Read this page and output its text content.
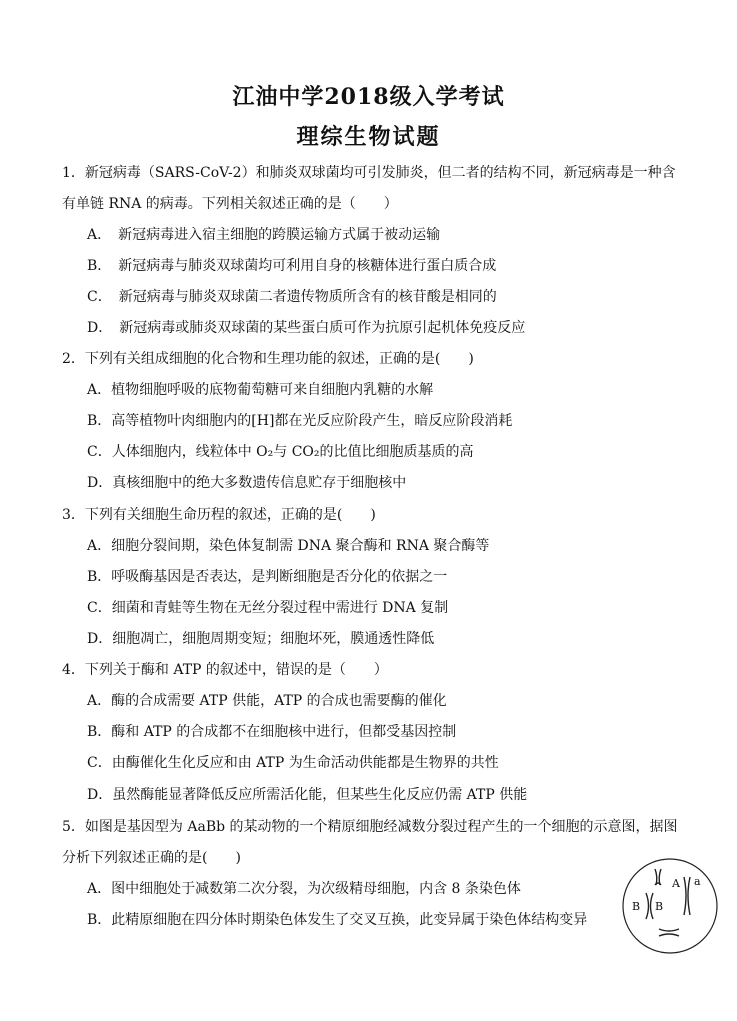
江油中学2018级入学考试
理综生物试题
1．新冠病毒（SARS-CoV-2）和肺炎双球菌均可引发肺炎，但二者的结构不同，新冠病毒是一种含
有单链 RNA 的病毒。下列相关叙述正确的是（　　）
A．　新冠病毒进入宿主细胞的跨膜运输方式属于被动运输
B．　新冠病毒与肺炎双球菌均可利用自身的核糖体进行蛋白质合成
C．　新冠病毒与肺炎双球菌二者遗传物质所含有的核苷酸是相同的
D．　新冠病毒或肺炎双球菌的某些蛋白质可作为抗原引起机体免疫反应
2．下列有关组成细胞的化合物和生理功能的叙述，正确的是(　　)
A．植物细胞呼吸的底物葡萄糖可来自细胞内乳糖的水解
B．高等植物叶肉细胞内的[H]都在光反应阶段产生，暗反应阶段消耗
C．人体细胞内，线粒体中 O₂与 CO₂的比值比细胞质基质的高
D．真核细胞中的绝大多数遗传信息贮存于细胞核中
3．下列有关细胞生命历程的叙述，正确的是(　　)
A．细胞分裂间期，染色体复制需 DNA 聚合酶和 RNA 聚合酶等
B．呼吸酶基因是否表达，是判断细胞是否分化的依据之一
C．细菌和青蛙等生物在无丝分裂过程中需进行 DNA 复制
D．细胞凋亡，细胞周期变短；细胞坏死，膜通透性降低
4．下列关于酶和 ATP 的叙述中，错误的是（　　）
A．酶的合成需要 ATP 供能，ATP 的合成也需要酶的催化
B．酶和 ATP 的合成都不在细胞核中进行，但都受基因控制
C．由酶催化生化反应和由 ATP 为生命活动供能都是生物界的共性
D．虽然酶能显著降低反应所需活化能，但某些生化反应仍需 ATP 供能
5．如图是基因型为 AaBb 的某动物的一个精原细胞经减数分裂过程产生的一个细胞的示意图，据图
分析下列叙述正确的是(　　)
A．图中细胞处于减数第二次分裂，为次级精母细胞，内含 8 条染色体
B．此精原细胞在四分体时期染色体发生了交叉互换，此变异属于染色体结构变异
A a
B B
